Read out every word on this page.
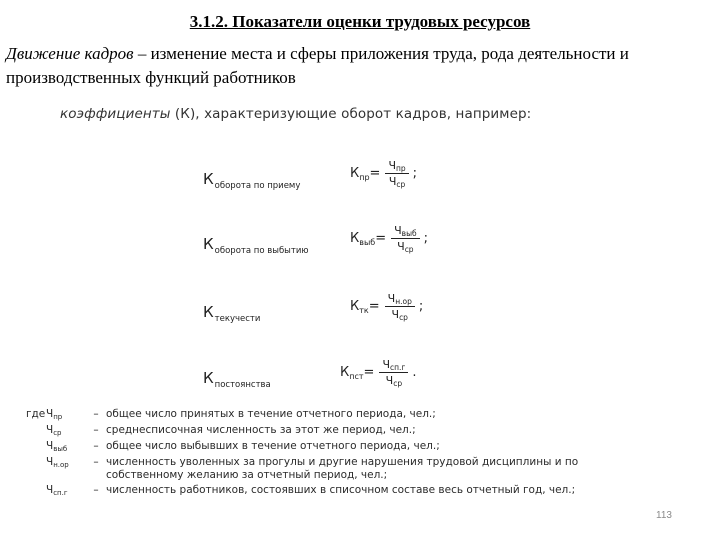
3.1.2. Показатели оценки трудовых ресурсов
Движение кадров – изменение места и сферы приложения труда, рода деятельности и производственных функций работников
коэффициенты (К), характеризующие оборот кадров, например:
$К_{оборота по приему}$
$К_{пр}= \frac{\text{Чпр}}{\text{Чср}}$ ;
$К_{оборота по выбытию}$
$К_{выб}= \frac{\text{Чвыб}}{\text{Чср}}$ ;
$К_{текучести}$
$К_{тк}= \frac{Чн.ор}{\text{Чср}}$ ;
$К_{постоянства}$
$К_{пст}= \frac{\text{Чсп.г}}{\text{Чср}}$ .
где Чпр	– общее число принятых в течение отчетного периода, чел.;
Чср	– среднесписочная численность за этот же период, чел.;
Чвыб	– общее число выбывших в течение отчетного периода, чел.;
Чн.ор	– численность уволенных за прогулы и другие нарушения трудовой дисциплины и по собственному желанию за отчетный период, чел.;
Чсп.г	– численность работников, состоявших в списочном составе весь отчетный год, чел.;
113
